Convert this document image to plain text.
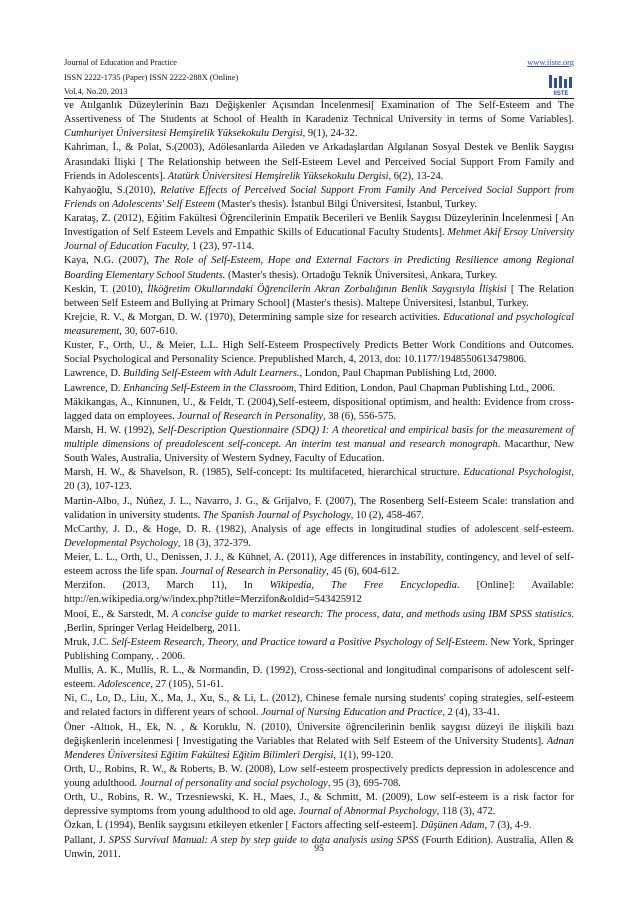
Journal of Education and Practice
ISSN 2222-1735 (Paper) ISSN 2222-288X (Online)
Vol.4, No.20, 2013
www.iiste.org
IISTE

ve Atılganlık Düzeylerinin Bazı Değişkenler Açısından İncelenmesi[ Examination of The Self-Esteem and The Assertiveness of The Students at School of Health in Karadeniz Technical University in terms of Some Variables]. Cumhuriyet Üniversitesi Hemşirelik Yüksekokulu Dergisi, 9(1), 24-32.

Kahriman, İ., & Polat, S.(2003), Adölesanlarda Aileden ve Arkadaşlardan Algılanan Sosyal Destek ve Benlik Saygısı Arasındaki İlişki [ The Relationship between the Self-Esteem Level and Perceived Social Support From Family and Friends in Adolescents]. Atatürk Üniversitesi Hemşirelik Yüksekokulu Dergisi, 6(2), 13-24.

Kahyaoğlu, S.(2010), Relative Effects of Perceived Social Support From Family And Perceived Social Support from Friends on Adolescents' Self Esteem (Master's thesis). İstanbul Bilgi Üniversitesi, İstanbul, Turkey.

Karataş, Z. (2012), Eğitim Fakültesi Öğrencilerinin Empatik Becerileri ve Benlik Saygısı Düzeylerinin İncelenmesi [ An Investigation of Self Esteem Levels and Empathic Skills of Educational Faculty Students]. Mehmet Akif Ersoy University Journal of Education Faculty, 1 (23), 97-114.

Kaya, N.G. (2007), The Role of Self-Esteem, Hope and External Factors in Predicting Resilience among Regional Boarding Elementary School Students. (Master's thesis). Ortadoğu Teknik Üniversitesi, Ankara, Turkey.

Keskin, T. (2010), İlköğretim Okullarındaki Öğrencilerin Akran Zorbalığının Benlik Saygısıyla İlişkisi [ The Relation between Self Esteem and Bullying at Primary School] (Master's thesis). Maltepe Üniversitesi, İstanbul, Turkey.

Krejcie, R. V., & Morgan, D. W. (1970), Determining sample size for research activities. Educational and psychological measurement, 30, 607-610.

Kuster, F., Orth, U., & Meier, L.L. High Self-Esteem Prospectively Predicts Better Work Conditions and Outcomes. Social Psychological and Personality Science. Prepublished March, 4, 2013, doı: 10.1177/1948550613479806.

Lawrence, D. Building Self-Esteem with Adult Learners., London, Paul Chapman Publishing Ltd, 2000.

Lawrence, D. Enhancing Self-Esteem in the Classroom, Third Edition, London, Paul Chapman Publishing Ltd., 2006.

Mäkikangas, A., Kinnunen, U., & Feldt, T. (2004),Self-esteem, dispositional optimism, and health: Evidence from cross-lagged data on employees. Journal of Research in Personality, 38 (6), 556-575.

Marsh, H. W. (1992), Self-Description Questionnaire (SDQ) I: A theoretical and empirical basis for the measurement of multiple dimensions of preadolescent self-concept. An interim test manual and research monograph. Macarthur, New South Wales, Australia, University of Western Sydney, Faculty of Education.

Marsh, H. W., & Shavelson, R. (1985), Self-concept: Its multifaceted, hierarchical structure. Educational Psychologist, 20 (3), 107-123.

Martin-Albo, J., Núñez, J. L., Navarro, J. G., & Grijalvo, F. (2007), The Rosenberg Self-Esteem Scale: translation and validation in university students. The Spanish Journal of Psychology, 10 (2), 458-467.

McCarthy, J. D., & Hoge, D. R. (1982), Analysis of age effects in longitudinal studies of adolescent self-esteem. Developmental Psychology, 18 (3), 372-379.

Meier, L. L., Orth, U., Denissen, J. J., & Kühnel, A. (2011), Age differences in instability, contingency, and level of self-esteem across the life span. Journal of Research in Personality, 45 (6), 604-612.

Merzifon. (2013, March 11), In Wikipedia, The Free Encyclopedia. [Online]: Available: http://en.wikipedia.org/w/index.php?title=Merzifon&oldid=543425912

Mooi, E., & Sarstedt, M. A concise guide to market research: The process, data, and methods using IBM SPSS statistics. ,Berlin, Springer Verlag Heidelberg, 2011.

Mruk, J.C. Self-Esteem Research, Theory, and Practice toward a Positive Psychology of Self-Esteem. New York, Springer Publishing Company, . 2006.

Mullis, A. K., Mullis, R. L., & Normandin, D. (1992), Cross-sectional and longitudinal comparisons of adolescent self-esteem. Adolescence, 27 (105), 51-61.

Ni, C., Lo, D., Liu, X., Ma, J., Xu, S., & Li, L. (2012), Chinese female nursing students' coping strategies, self-esteem and related factors in different years of school. Journal of Nursing Education and Practice, 2 (4), 33-41.

Öner -Altıok, H., Ek, N. , & Koruklu, N. (2010), Üniversite öğrencilerinin benlik saygısı düzeyi ile ilişkili bazı değişkenlerin incelenmesi [ Investigating the Variables that Related with Self Esteem of the University Students]. Adnan Menderes Üniversitesi Eğitim Fakültesi Eğitim Bilimleri Dergisi, 1(1), 99-120.

Orth, U., Robins, R. W., & Roberts, B. W. (2008), Low self-esteem prospectively predicts depression in adolescence and young adulthood. Journal of personality and social psychology, 95 (3), 695-708.

Orth, U., Robins, R. W., Trzesniewski, K. H., Maes, J., & Schmitt, M. (2009), Low self-esteem is a risk factor for depressive symptoms from young adulthood to old age. Journal of Abnormal Psychology, 118 (3), 472.

Özkan, İ. (1994), Benlik saygısını etkileyen etkenler [ Factors affecting self-esteem]. Düşünen Adam, 7 (3), 4-9.

Pallant, J. SPSS Survival Manual: A step by step guide to data analysis using SPSS (Fourth Edition). Australia, Allen & Unwin, 2011.	95
